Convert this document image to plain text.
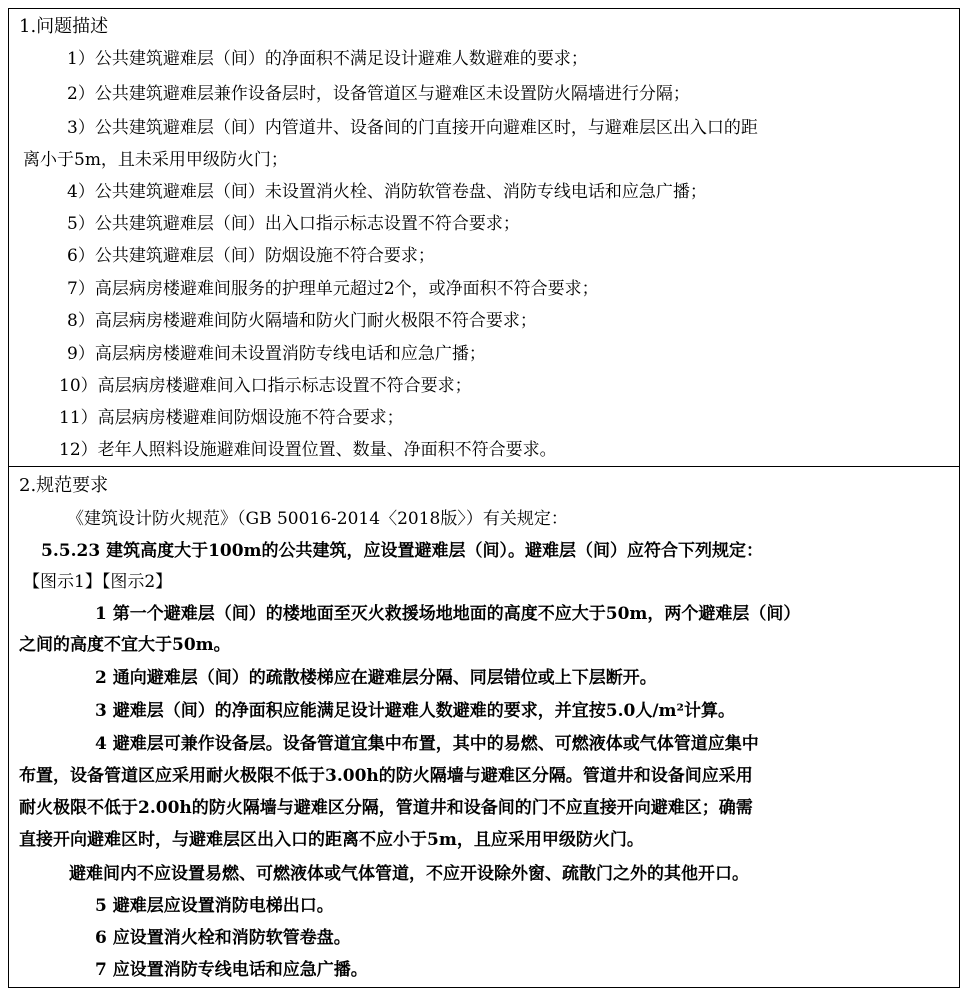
1.问题描述
1）公共建筑避难层（间）的净面积不满足设计避难人数避难的要求；
2）公共建筑避难层兼作设备层时，设备管道区与避难区未设置防火隔墙进行分隔；
3）公共建筑避难层（间）内管道井、设备间的门直接开向避难区时，与避难层区出入口的距
离小于5m，且未采用甲级防火门；
4）公共建筑避难层（间）未设置消火栓、消防软管卷盘、消防专线电话和应急广播；
5）公共建筑避难层（间）出入口指示标志设置不符合要求；
6）公共建筑避难层（间）防烟设施不符合要求；
7）高层病房楼避难间服务的护理单元超过2个，或净面积不符合要求；
8）高层病房楼避难间防火隔墙和防火门耐火极限不符合要求；
9）高层病房楼避难间未设置消防专线电话和应急广播；
10）高层病房楼避难间入口指示标志设置不符合要求；
11）高层病房楼避难间防烟设施不符合要求；
12）老年人照料设施避难间设置位置、数量、净面积不符合要求。
2.规范要求
《建筑设计防火规范》（GB 50016-2014〈2018版〉）有关规定：
5.5.23 建筑高度大于100m的公共建筑，应设置避难层（间）。避难层（间）应符合下列规定：
【图示1】【图示2】
1 第一个避难层（间）的楼地面至灭火救援场地地面的高度不应大于50m，两个避难层（间）
之间的高度不宜大于50m。
2 通向避难层（间）的疏散楼梯应在避难层分隔、同层错位或上下层断开。
3 避难层（间）的净面积应能满足设计避难人数避难的要求，并宜按5.0人/m²计算。
4 避难层可兼作设备层。设备管道宜集中布置，其中的易燃、可燃液体或气体管道应集中
布置，设备管道区应采用耐火极限不低于3.00h的防火隔墙与避难区分隔。管道井和设备间应采用
耐火极限不低于2.00h的防火隔墙与避难区分隔，管道井和设备间的门不应直接开向避难区；确需
直接开向避难区时，与避难层区出入口的距离不应小于5m，且应采用甲级防火门。
避难间内不应设置易燃、可燃液体或气体管道，不应开设除外窗、疏散门之外的其他开口。
5 避难层应设置消防电梯出口。
6 应设置消火栓和消防软管卷盘。
7 应设置消防专线电话和应急广播。
